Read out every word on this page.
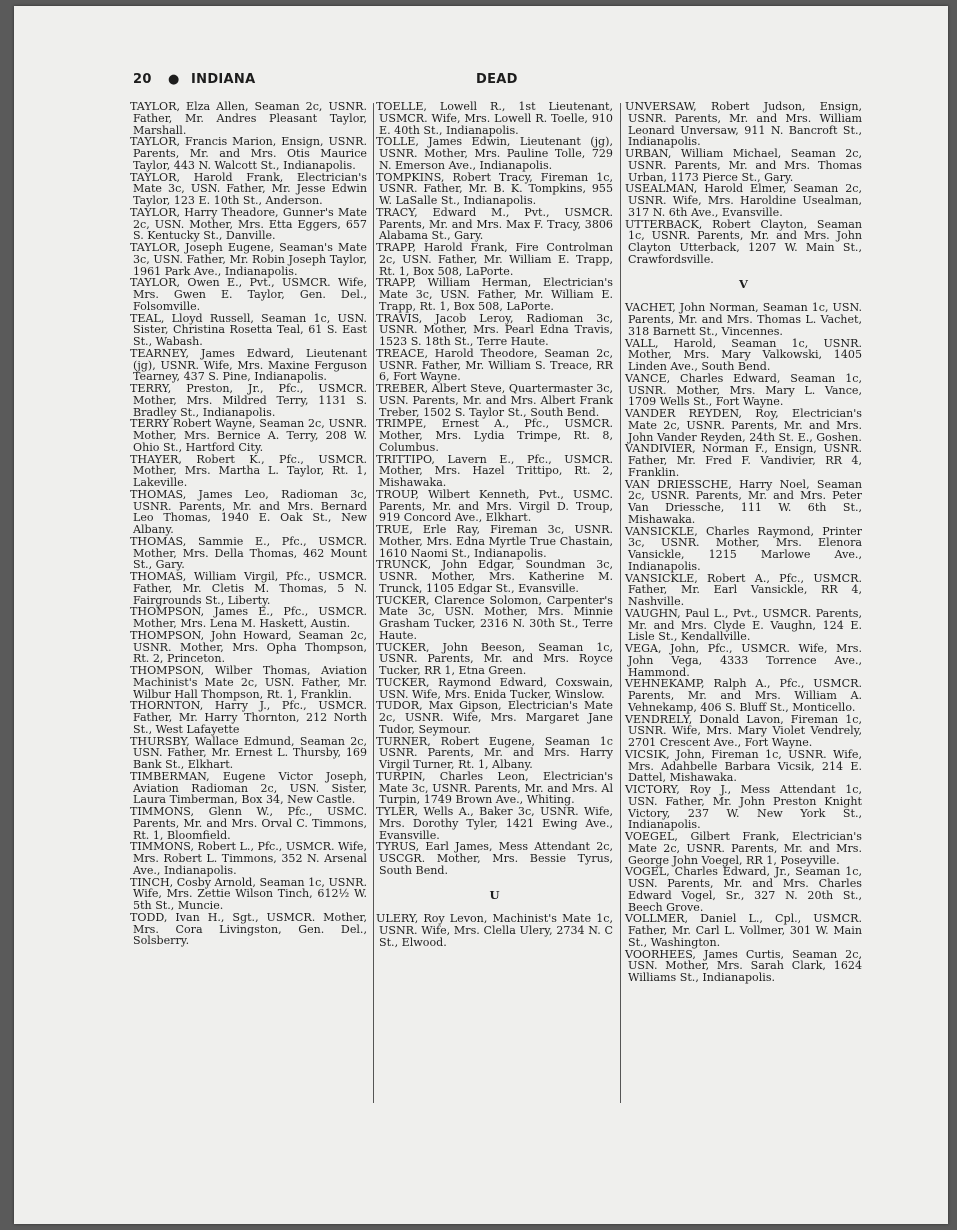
20 ● INDIANA	DEAD

TAYLOR, Elza Allen, Seaman 2c, USNR. Father, Mr. Andres Pleasant Taylor, Marshall.

TAYLOR, Francis Marion, Ensign, USNR. Parents, Mr. and Mrs. Otis Maurice Taylor, 443 N. Walcott St., Indianapolis.

TAYLOR, Harold Frank, Electrician's Mate 3c, USN. Father, Mr. Jesse Edwin Taylor, 123 E. 10th St., Anderson.

TAYLOR, Harry Theadore, Gunner's Mate 2c, USN. Mother, Mrs. Etta Eggers, 657 S. Kentucky St., Danville.

TAYLOR, Joseph Eugene, Seaman's Mate 3c, USN. Father, Mr. Robin Joseph Taylor, 1961 Park Ave., Indianapolis.

TAYLOR, Owen E., Pvt., USMCR. Wife, Mrs. Gwen E. Taylor, Gen. Del., Folsomville.

TEAL, Lloyd Russell, Seaman 1c, USN. Sister, Christina Rosetta Teal, 61 S. East St., Wabash.

TEARNEY, James Edward, Lieutenant (jg), USNR. Wife, Mrs. Maxine Ferguson Tearney, 437 S. Pine, Indianapolis.

TERRY, Preston, Jr., Pfc., USMCR. Mother, Mrs. Mildred Terry, 1131 S. Bradley St., Indianapolis.

TERRY Robert Wayne, Seaman 2c, USNR. Mother, Mrs. Bernice A. Terry, 208 W. Ohio St., Hartford City.

THAYER, Robert K., Pfc., USMCR. Mother, Mrs. Martha L. Taylor, Rt. 1, Lakeville.

THOMAS, James Leo, Radioman 3c, USNR. Parents, Mr. and Mrs. Bernard Leo Thomas, 1940 E. Oak St., New Albany.

THOMAS, Sammie E., Pfc., USMCR. Mother, Mrs. Della Thomas, 462 Mount St., Gary.

THOMAS, William Virgil, Pfc., USMCR. Father, Mr. Cletis M. Thomas, 5 N. Fairgrounds St., Liberty.

THOMPSON, James E., Pfc., USMCR. Mother, Mrs. Lena M. Haskett, Austin.

THOMPSON, John Howard, Seaman 2c, USNR. Mother, Mrs. Opha Thompson, Rt. 2, Princeton.

THOMPSON, Wilber Thomas, Aviation Machinist's Mate 2c, USN. Father, Mr. Wilbur Hall Thompson, Rt. 1, Franklin.

THORNTON, Harry J., Pfc., USMCR. Father, Mr. Harry Thornton, 212 North St., West Lafayette

THURSBY, Wallace Edmund, Seaman 2c, USN. Father, Mr. Ernest L. Thursby, 169 Bank St., Elkhart.

TIMBERMAN, Eugene Victor Joseph, Aviation Radioman 2c, USN. Sister, Laura Timberman, Box 34, New Castle.

TIMMONS, Glenn W., Pfc., USMC. Parents, Mr. and Mrs. Orval C. Timmons, Rt. 1, Bloomfield.

TIMMONS, Robert L., Pfc., USMCR. Wife, Mrs. Robert L. Timmons, 352 N. Arsenal Ave., Indianapolis.

TINCH, Cosby Arnold, Seaman 1c, USNR. Wife, Mrs. Zettie Wilson Tinch, 612½ W. 5th St., Muncie.

TODD, Ivan H., Sgt., USMCR. Mother, Mrs. Cora Livingston, Gen. Del., Solsberry.

TOELLE, Lowell R., 1st Lieutenant, USMCR. Wife, Mrs. Lowell R. Toelle, 910 E. 40th St., Indianapolis.

TOLLE, James Edwin, Lieutenant (jg), USNR. Mother, Mrs. Pauline Tolle, 729 N. Emerson Ave., Indianapolis.

TOMPKINS, Robert Tracy, Fireman 1c, USNR. Father, Mr. B. K. Tompkins, 955 W. LaSalle St., Indianapolis.

TRACY, Edward M., Pvt., USMCR. Parents, Mr. and Mrs. Max F. Tracy, 3806 Alabama St., Gary.

TRAPP, Harold Frank, Fire Controlman 2c, USN. Father, Mr. William E. Trapp, Rt. 1, Box 508, LaPorte.

TRAPP, William Herman, Electrician's Mate 3c, USN. Father, Mr. William E. Trapp, Rt. 1, Box 508, LaPorte.

TRAVIS, Jacob Leroy, Radioman 3c, USNR. Mother, Mrs. Pearl Edna Travis, 1523 S. 18th St., Terre Haute.

TREACE, Harold Theodore, Seaman 2c, USNR. Father, Mr. William S. Treace, RR 6, Fort Wayne.

TREBER, Albert Steve, Quartermaster 3c, USN. Parents, Mr. and Mrs. Albert Frank Treber, 1502 S. Taylor St., South Bend.

TRIMPE, Ernest A., Pfc., USMCR. Mother, Mrs. Lydia Trimpe, Rt. 8, Columbus.

TRITTIPO, Lavern E., Pfc., USMCR. Mother, Mrs. Hazel Trittipo, Rt. 2, Mishawaka.

TROUP, Wilbert Kenneth, Pvt., USMC. Parents, Mr. and Mrs. Virgil D. Troup, 919 Concord Ave., Elkhart.

TRUE, Erle Ray, Fireman 3c, USNR. Mother, Mrs. Edna Myrtle True Chastain, 1610 Naomi St., Indianapolis.

TRUNCK, John Edgar, Soundman 3c, USNR. Mother, Mrs. Katherine M. Trunck, 1105 Edgar St., Evansville.

TUCKER, Clarence Solomon, Carpenter's Mate 3c, USN. Mother, Mrs. Minnie Grasham Tucker, 2316 N. 30th St., Terre Haute.

TUCKER, John Beeson, Seaman 1c, USNR. Parents, Mr. and Mrs. Royce Tucker, RR 1, Etna Green.

TUCKER, Raymond Edward, Coxswain, USN. Wife, Mrs. Enida Tucker, Winslow.

TUDOR, Max Gipson, Electrician's Mate 2c, USNR. Wife, Mrs. Margaret Jane Tudor, Seymour.

TURNER, Robert Eugene, Seaman 1c USNR. Parents, Mr. and Mrs. Harry Virgil Turner, Rt. 1, Albany.

TURPIN, Charles Leon, Electrician's Mate 3c, USNR. Parents, Mr. and Mrs. Al Turpin, 1749 Brown Ave., Whiting.

TYLER, Wells A., Baker 3c, USNR. Wife, Mrs. Dorothy Tyler, 1421 Ewing Ave., Evansville.

TYRUS, Earl James, Mess Attendant 2c, USCGR. Mother, Mrs. Bessie Tyrus, South Bend.

U

ULERY, Roy Levon, Machinist's Mate 1c, USNR. Wife, Mrs. Clella Ulery, 2734 N. C St., Elwood.

UNVERSAW, Robert Judson, Ensign, USNR. Parents, Mr. and Mrs. William Leonard Unversaw, 911 N. Bancroft St., Indianapolis.

URBAN, William Michael, Seaman 2c, USNR. Parents, Mr. and Mrs. Thomas Urban, 1173 Pierce St., Gary.

USEALMAN, Harold Elmer, Seaman 2c, USNR. Wife, Mrs. Haroldine Usealman, 317 N. 6th Ave., Evansville.

UTTERBACK, Robert Clayton, Seaman 1c, USNR. Parents, Mr. and Mrs. John Clayton Utterback, 1207 W. Main St., Crawfordsville.

V

VACHET, John Norman, Seaman 1c, USN. Parents, Mr. and Mrs. Thomas L. Vachet, 318 Barnett St., Vincennes.

VALL, Harold, Seaman 1c, USNR. Mother, Mrs. Mary Valkowski, 1405 Linden Ave., South Bend.

VANCE, Charles Edward, Seaman 1c, USNR. Mother, Mrs. Mary L. Vance, 1709 Wells St., Fort Wayne.

VANDER REYDEN, Roy, Electrician's Mate 2c, USNR. Parents, Mr. and Mrs. John Vander Reyden, 24th St. E., Goshen.

VANDIVIER, Norman F., Ensign, USNR. Father, Mr. Fred F. Vandivier, RR 4, Franklin.

VAN DRIESSCHE, Harry Noel, Seaman 2c, USNR. Parents, Mr. and Mrs. Peter Van Driessche, 111 W. 6th St., Mishawaka.

VANSICKLE, Charles Raymond, Printer 3c, USNR. Mother, Mrs. Elenora Vansickle, 1215 Marlowe Ave., Indianapolis.

VANSICKLE, Robert A., Pfc., USMCR. Father, Mr. Earl Vansickle, RR 4, Nashville.

VAUGHN, Paul L., Pvt., USMCR. Parents, Mr. and Mrs. Clyde E. Vaughn, 124 E. Lisle St., Kendallville.

VEGA, John, Pfc., USMCR. Wife, Mrs. John Vega, 4333 Torrence Ave., Hammond.

VEHNEKAMP, Ralph A., Pfc., USMCR. Parents, Mr. and Mrs. William A. Vehnekamp, 406 S. Bluff St., Monticello.

VENDRELY, Donald Lavon, Fireman 1c, USNR. Wife, Mrs. Mary Violet Vendrely, 2701 Crescent Ave., Fort Wayne.

VICSIK, John, Fireman 1c, USNR. Wife, Mrs. Adahbelle Barbara Vicsik, 214 E. Dattel, Mishawaka.

VICTORY, Roy J., Mess Attendant 1c, USN. Father, Mr. John Preston Knight Victory, 237 W. New York St., Indianapolis.

VOEGEL, Gilbert Frank, Electrician's Mate 2c, USNR. Parents, Mr. and Mrs. George John Voegel, RR 1, Poseyville.

VOGEL, Charles Edward, Jr., Seaman 1c, USN. Parents, Mr. and Mrs. Charles Edward Vogel, Sr., 327 N. 20th St., Beech Grove.

VOLLMER, Daniel L., Cpl., USMCR. Father, Mr. Carl L. Vollmer, 301 W. Main St., Washington.

VOORHEES, James Curtis, Seaman 2c, USN. Mother, Mrs. Sarah Clark, 1624 Williams St., Indianapolis.
